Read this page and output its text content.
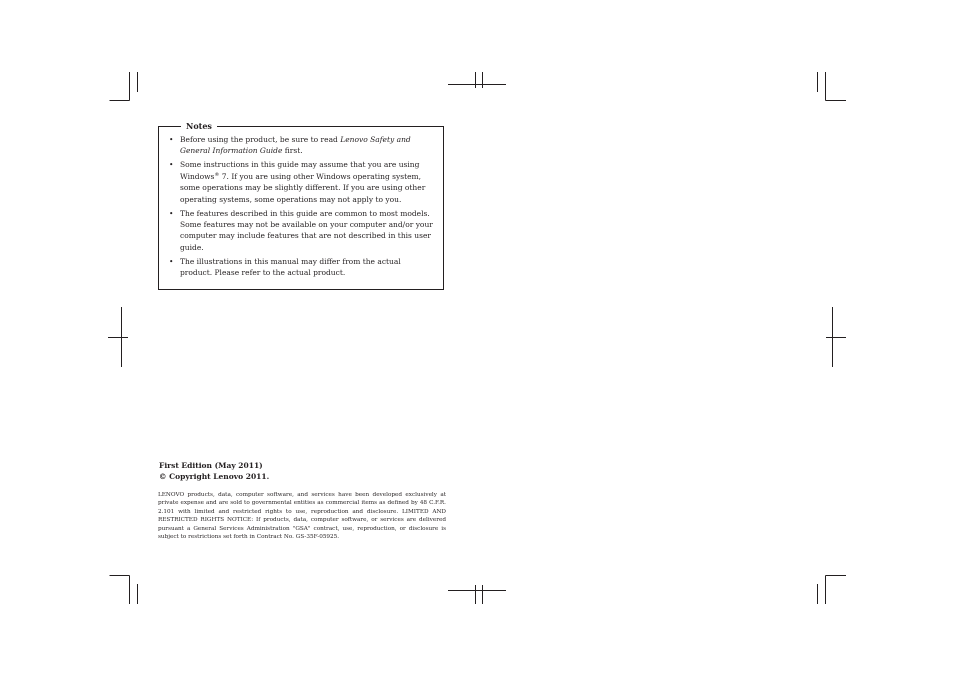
Notes
• Before using the product, be sure to read Lenovo Safety and General Information Guide first.
• Some instructions in this guide may assume that you are using Windows® 7. If you are using other Windows operating system, some operations may be slightly different. If you are using other operating systems, some operations may not apply to you.
• The features described in this guide are common to most models. Some features may not be available on your computer and/or your computer may include features that are not described in this user guide.
• The illustrations in this manual may differ from the actual product. Please refer to the actual product.
First Edition (May 2011)
© Copyright Lenovo 2011.
LENOVO products, data, computer software, and services have been developed exclusively at private expense and are sold to governmental entities as commercial items as defined by 48 C.F.R. 2.101 with limited and restricted rights to use, reproduction and disclosure. LIMITED AND RESTRICTED RIGHTS NOTICE: If products, data, computer software, or services are delivered pursuant a General Services Administration "GSA" contract, use, reproduction, or disclosure is subject to restrictions set forth in Contract No. GS-35F-05925.
